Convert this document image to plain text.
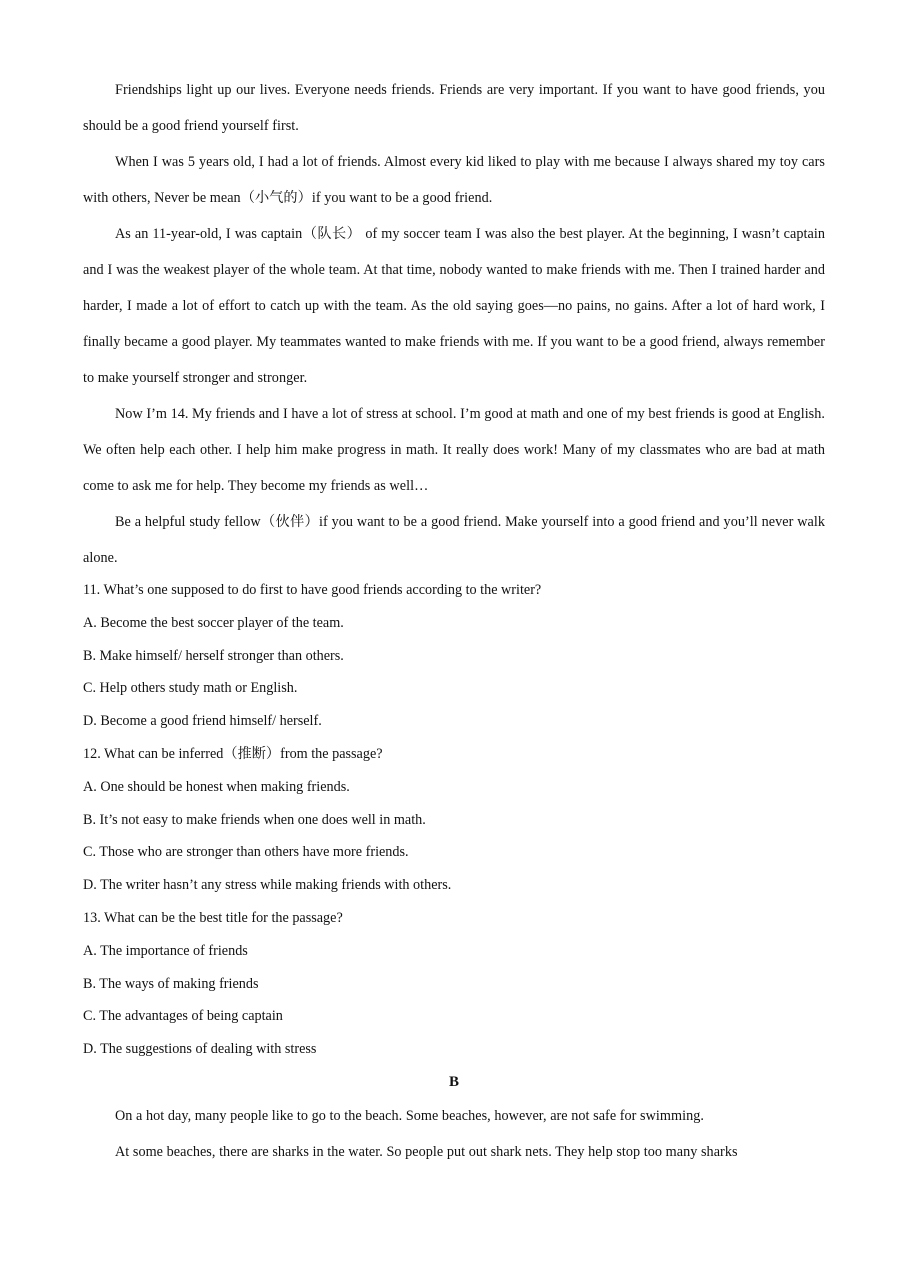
Friendships light up our lives. Everyone needs friends. Friends are very important. If you want to have good friends, you should be a good friend yourself first.

When I was 5 years old, I had a lot of friends. Almost every kid liked to play with me because I always shared my toy cars with others, Never be mean（小气的）if you want to be a good friend.

As an 11-year-old, I was captain（队长） of my soccer team I was also the best player. At the beginning, I wasn’t captain and I was the weakest player of the whole team. At that time, nobody wanted to make friends with me. Then I trained harder and harder, I made a lot of effort to catch up with the team. As the old saying goes—no pains, no gains. After a lot of hard work, I finally became a good player. My teammates wanted to make friends with me. If you want to be a good friend, always remember to make yourself stronger and stronger.

Now I’m 14. My friends and I have a lot of stress at school. I’m good at math and one of my best friends is good at English. We often help each other. I help him make progress in math. It really does work! Many of my classmates who are bad at math come to ask me for help. They become my friends as well…

Be a helpful study fellow（伙伴）if you want to be a good friend. Make yourself into a good friend and you’ll never walk alone.

11. What’s one supposed to do first to have good friends according to the writer?

A. Become the best soccer player of the team.

B. Make himself/ herself stronger than others.

C. Help others study math or English.

D. Become a good friend himself/ herself.

12. What can be inferred（推断）from the passage?

A. One should be honest when making friends.

B. It’s not easy to make friends when one does well in math.

C. Those who are stronger than others have more friends.

D. The writer hasn’t any stress while making friends with others.

13. What can be the best title for the passage?

A. The importance of friends

B. The ways of making friends

C. The advantages of being captain

D. The suggestions of dealing with stress

B

On a hot day, many people like to go to the beach. Some beaches, however, are not safe for swimming.

At some beaches, there are sharks in the water. So people put out shark nets. They help stop too many sharks
